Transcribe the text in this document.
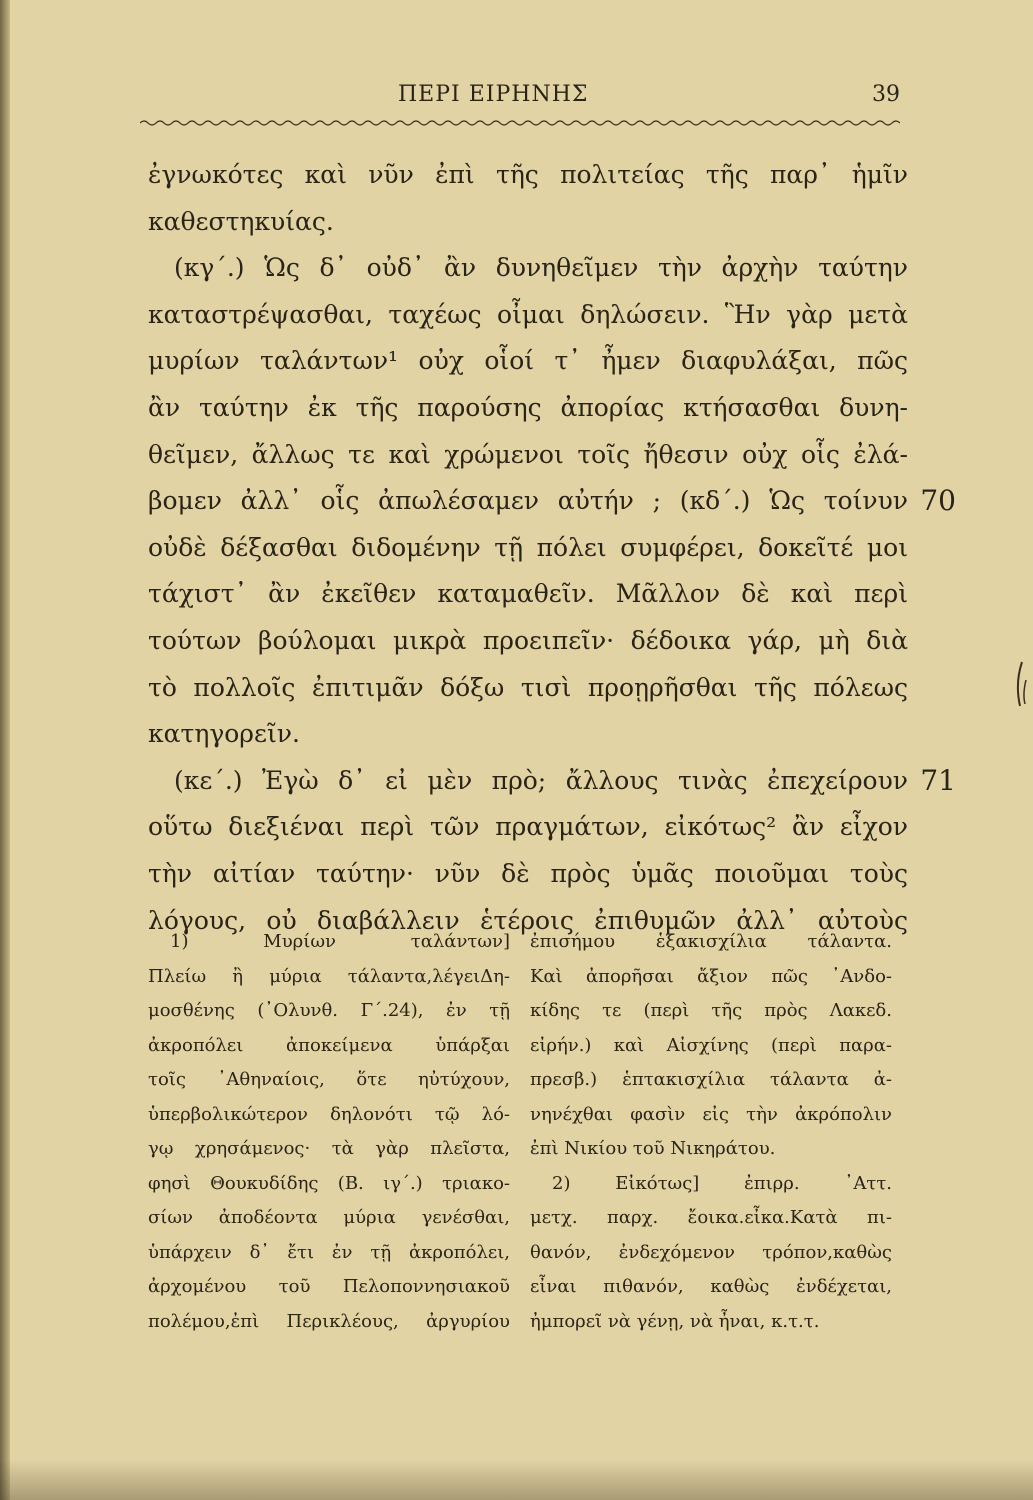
ΠΕΡΙ ΕΙΡΗΝΗΣ	39
ἐγνωκότες καὶ νῦν ἐπὶ τῆς πολιτείας τῆς παρ᾽ ἡμῖν
καθεστηκυίας.
(κγ´.) Ὡς δ᾽ οὐδ᾽ ἂν δυνηθεῖμεν τὴν ἀρχὴν ταύτην
καταστρέψασθαι, ταχέως οἶμαι δηλώσειν. Ἣν γὰρ μετὰ
μυρίων ταλάντων¹ οὐχ οἷοί τ᾽ ἦμεν διαφυλάξαι, πῶς
ἂν ταύτην ἐκ τῆς παρούσης ἀπορίας κτήσασθαι δυνη-
θεῖμεν, ἄλλως τε καὶ χρώμενοι τοῖς ἤθεσιν οὐχ οἷς ἐλά-
βομεν ἀλλ᾽ οἷς ἀπωλέσαμεν αὐτήν ; (κδ´.) Ὡς τοίνυν 70
οὐδὲ δέξασθαι διδομένην τῇ πόλει συμφέρει, δοκεῖτέ μοι
τάχιστ᾽ ἂν ἐκεῖθεν καταμαθεῖν. Μᾶλλον δὲ καὶ περὶ
τούτων βούλομαι μικρὰ προειπεῖν· δέδοικα γάρ, μὴ διὰ
τὸ πολλοῖς ἐπιτιμᾶν δόξω τισὶ προῃρῆσθαι τῆς πόλεως
κατηγορεῖν.
(κε´.) Ἐγὼ δ᾽ εἰ μὲν πρὸ; ἄλλους τινὰς ἐπεχείρουν 71
οὕτω διεξιέναι περὶ τῶν πραγμάτων, εἰκότως² ἂν εἶχον
τὴν αἰτίαν ταύτην· νῦν δὲ πρὸς ὑμᾶς ποιοῦμαι τοὺς
λόγους, οὐ διαβάλλειν ἑτέροις ἐπιθυμῶν ἀλλ᾽ αὐτοὺς
1) Μυρίων ταλάντων]
Πλείω ἢ μύρια τάλαντα,λέγειΔη-
μοσθένης (᾽Ολυνθ. Γ΄.24), ἐν τῇ
ἀκροπόλει ἀποκείμενα ὑπάρξαι
τοῖς ᾽Αθηναίοις, ὅτε ηὐτύχουν,
ὑπερβολικώτερον δηλονότι τῷ λό-
γῳ χρησάμενος· τὰ γὰρ πλεῖστα,
φησὶ Θουκυδίδης (Β. ιγ΄.) τριακο-
σίων ἀποδέοντα μύρια γενέσθαι,
ὑπάρχειν δ᾽ ἔτι ἐν τῇ ἀκροπόλει,
ἀρχομένου τοῦ Πελοποννησιακοῦ
πολέμου,ἐπὶ Περικλέους, ἀργυρίου
ἐπισήμου ἑξακισχίλια τάλαντα.
Καὶ ἀπορῆσαι ἄξιον πῶς ᾽Ανδο-
κίδης τε (περὶ τῆς πρὸς Λακεδ.
εἰρήν.) καὶ Αἰσχίνης (περὶ παρα-
πρεσβ.) ἑπτακισχίλια τάλαντα ἀ-
νηνέχθαι φασὶν εἰς τὴν ἀκρόπολιν
ἐπὶ Νικίου τοῦ Νικηράτου.
2) Εἰκότως] ἐπιρρ. ᾽Αττ.
μετχ. παρχ. ἔοικα.εἶκα.Κατὰ πι-
θανόν, ἐνδεχόμενον τρόπον,καθὼς
εἶναι πιθανόν, καθὼς ἐνδέχεται,
ἠμπορεῖ νὰ γένῃ, νὰ ἦναι, κ.τ.τ.
